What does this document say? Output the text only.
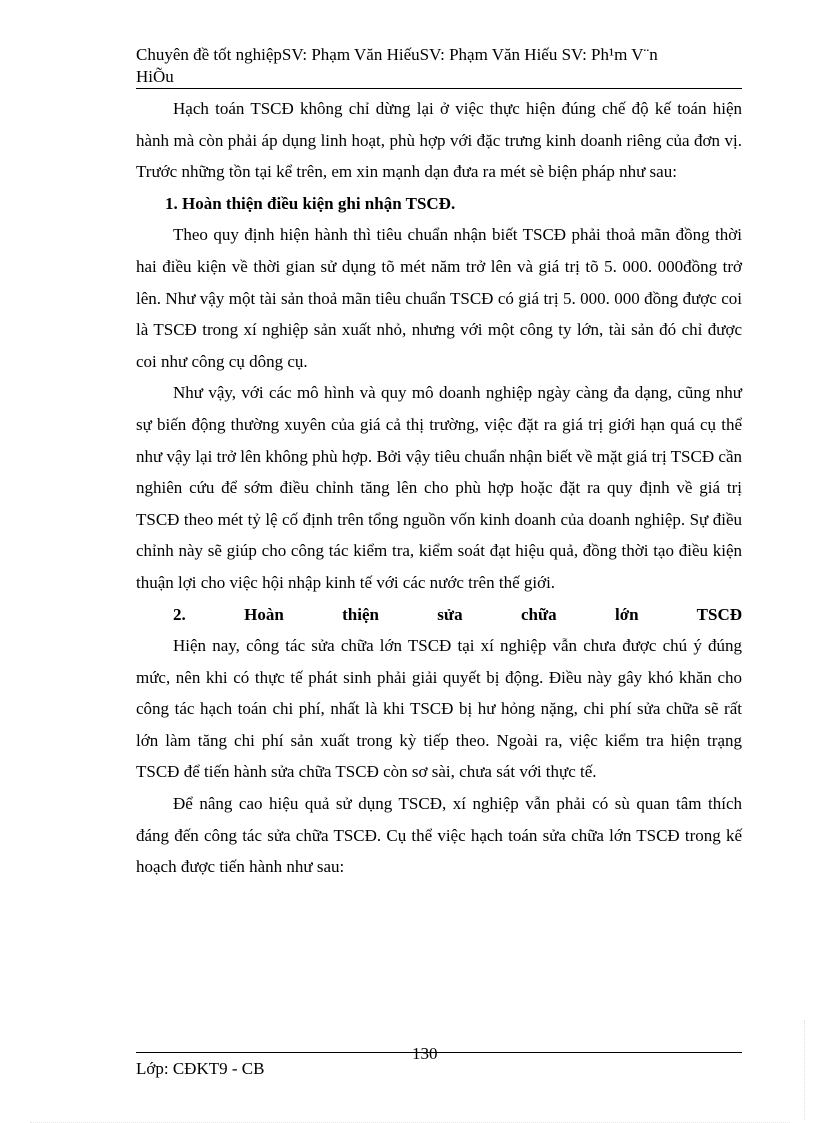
Chuyên đề tốt nghiệpSV: Phạm Văn HiếuSV: Phạm Văn Hiếu SV: Ph¹m V¨n
HiÕu

Hạch toán TSCĐ không chỉ dừng lại ở việc thực hiện đúng chế độ kế toán hiện hành mà còn phải áp dụng linh hoạt, phù hợp với đặc trưng kinh doanh riêng của đơn vị. Trước những tồn tại kể trên, em xin mạnh dạn đưa ra mét sè biện pháp như sau:

1. Hoàn thiện điều kiện ghi nhận TSCĐ.

Theo quy định hiện hành thì tiêu chuẩn nhận biết TSCĐ phải thoả mãn đồng thời hai điều kiện về thời gian sử dụng tõ mét năm trở lên và giá trị tõ 5. 000. 000đồng trở lên. Như vậy một tài sản thoả mãn tiêu chuẩn TSCĐ có giá trị 5. 000. 000 đồng được coi là TSCĐ trong xí nghiệp sản xuất nhỏ, nhưng với một công ty lớn, tài sản đó chỉ được coi như công cụ dông cụ.

Như vậy, với các mô hình và quy mô doanh nghiệp ngày càng đa dạng, cũng như sự biến động thường xuyên của giá cả thị trường, việc đặt ra giá trị giới hạn quá cụ thể như vậy lại trở lên không phù hợp. Bởi vậy tiêu chuẩn nhận biết về mặt giá trị TSCĐ cần nghiên cứu để sớm điều chỉnh tăng lên cho phù hợp hoặc đặt ra quy định về giá trị TSCĐ theo mét tỷ lệ cố định trên tổng nguồn vốn kinh doanh của doanh nghiệp. Sự điều chỉnh này sẽ giúp cho công tác kiểm tra, kiểm soát đạt hiệu quả, đồng thời tạo điều kiện thuận lợi cho việc hội nhập kinh tế với các nước trên thế giới.

2. Hoàn thiện sửa chữa lớn TSCĐ

Hiện nay, công tác sửa chữa lớn TSCĐ tại xí nghiệp vẫn chưa được chú ý đúng mức, nên khi có thực tế phát sinh phải giải quyết bị động. Điều này gây khó khăn cho công tác hạch toán chi phí, nhất là khi TSCĐ bị hư hỏng nặng, chi phí sửa chữa sẽ rất lớn làm tăng chi phí sản xuất trong kỳ tiếp theo. Ngoài ra, việc kiểm tra hiện trạng TSCĐ để tiến hành sửa chữa TSCĐ còn sơ sài, chưa sát với thực tế.

Để nâng cao hiệu quả sử dụng TSCĐ, xí nghiệp vẫn phải có sù quan tâm thích đáng đến công tác sửa chữa TSCĐ. Cụ thể việc hạch toán sửa chữa lớn TSCĐ trong kế hoạch được tiến hành như sau:

130
Lớp: CĐKT9 - CB
